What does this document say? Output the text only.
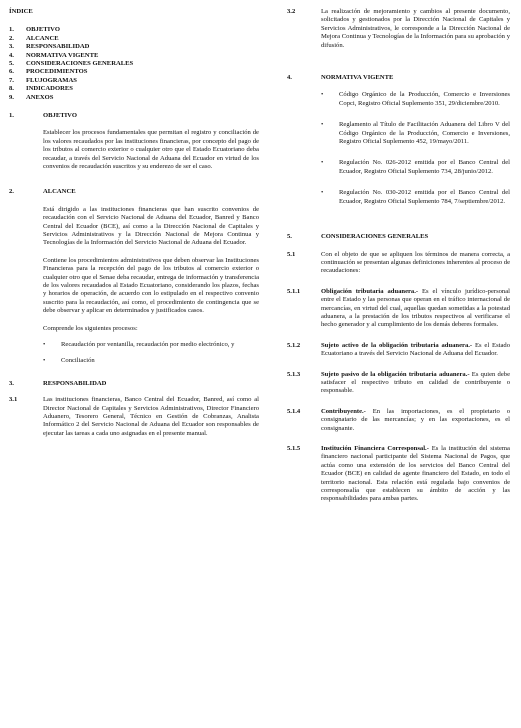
ÍNDICE
1.	OBJETIVO
2.	ALCANCE
3.	RESPONSABILIDAD
4.	NORMATIVA VIGENTE
5.	CONSIDERACIONES GENERALES
6.	PROCEDIMIENTOS
7.	FLUJOGRAMAS
8.	INDICADORES
9.	ANEXOS
1.	OBJETIVO
Establecer los procesos fundamentales que permitan el registro y conciliación de los valores recaudados por las instituciones financieras, por concepto del pago de los tributos al comercio exterior o cualquier otro que el Estado Ecuatoriano deba recaudar, a través del Servicio Nacional de Aduana del Ecuador en virtud de los convenios de recaudación suscritos y su enderezo de ser el caso.
2.	ALCANCE
Está dirigido a las instituciones financieras que han suscrito convenios de recaudación con el Servicio Nacional de Aduana del Ecuador, Banred y Banco Central del Ecuador (BCE), así como a la Dirección Nacional de Capitales y Servicios Administrativos y la Dirección Nacional de Mejora Continua y Tecnologías de la Información del Servicio Nacional de Aduana del Ecuador.
Contiene los procedimientos administrativos que deben observar las Instituciones Financieras para la recepción del pago de los tributos al comercio exterior o cualquier otro que el Senae deba recaudar, entrega de información y transferencia de los valores recaudados al Estado Ecuatoriano, considerando los plazos, fechas y horarios de operación, de acuerdo con lo estipulado en el respectivo convenio suscrito para la recaudación, así como, el procedimiento de contingencia que se debe observar y aplicar en determinados y justificados casos.
Comprende los siguientes procesos:
•	Recaudación por ventanilla, recaudación por medio electrónico, y
•	Conciliación
3.	RESPONSABILIDAD
3.1	Las instituciones financieras, Banco Central del Ecuador, Banred, así como al Director Nacional de Capitales y Servicios Administrativos, Director Financiero Aduanero, Tesorero General, Técnico en Gestión de Cobranzas, Analista Informático 2 del Servicio Nacional de Aduana del Ecuador son responsables de ejecutar las tareas a cada uno asignadas en el presente manual.
3.2	La realización de mejoramiento y cambios al presente documento, solicitados y gestionados por la Dirección Nacional de Capitales y Servicios Administrativos, le corresponde a la Dirección Nacional de Mejora Continua y Tecnologías de la Información para su aprobación y difusión.
4.	NORMATIVA VIGENTE
•	Código Orgánico de la Producción, Comercio e Inversiones Copci, Registro Oficial Suplemento 351, 29/diciembre/2010.
•	Reglamento al Título de Facilitación Aduanera del Libro V del Código Orgánico de la Producción, Comercio e Inversiones, Registro Oficial Suplemento 452, 19/mayo/2011.
•	Regulación No. 026-2012 emitida por el Banco Central del Ecuador, Registro Oficial Suplemento 734, 28/junio/2012.
•	Regulación No. 030-2012 emitida por el Banco Central del Ecuador, Registro Oficial Suplemento 784, 7/septiembre/2012.
5.	CONSIDERACIONES GENERALES
5.1	Con el objeto de que se apliquen los términos de manera correcta, a continuación se presentan algunas definiciones inherentes al proceso de recaudaciones:
5.1.1	Obligación tributaria aduanera.- Es el vínculo jurídico-personal entre el Estado y las personas que operan en el tráfico internacional de mercancías, en virtud del cual, aquellas quedan sometidas a la potestad aduanera, a la prestación de los tributos respectivos al verificarse el hecho generador y al cumplimiento de los demás deberes formales.
5.1.2	Sujeto activo de la obligación tributaria aduanera.- Es el Estado Ecuatoriano a través del Servicio Nacional de Aduana del Ecuador.
5.1.3	Sujeto pasivo de la obligación tributaria aduanera.- Es quien debe satisfacer el respectivo tributo en calidad de contribuyente o responsable.
5.1.4	Contribuyente.- En las importaciones, es el propietario o consignatario de las mercancías; y en las exportaciones, es el consignante.
5.1.5	Institución Financiera Corresponsal.- Es la institución del sistema financiero nacional participante del Sistema Nacional de Pagos, que actúa como una extensión de los servicios del Banco Central del Ecuador (BCE) en calidad de agente financiero del Estado, en todo el territorio nacional. Esta relación está regulada bajo convenios de corresponsalía que establecen su ámbito de acción y las responsabilidades para ambas partes.
